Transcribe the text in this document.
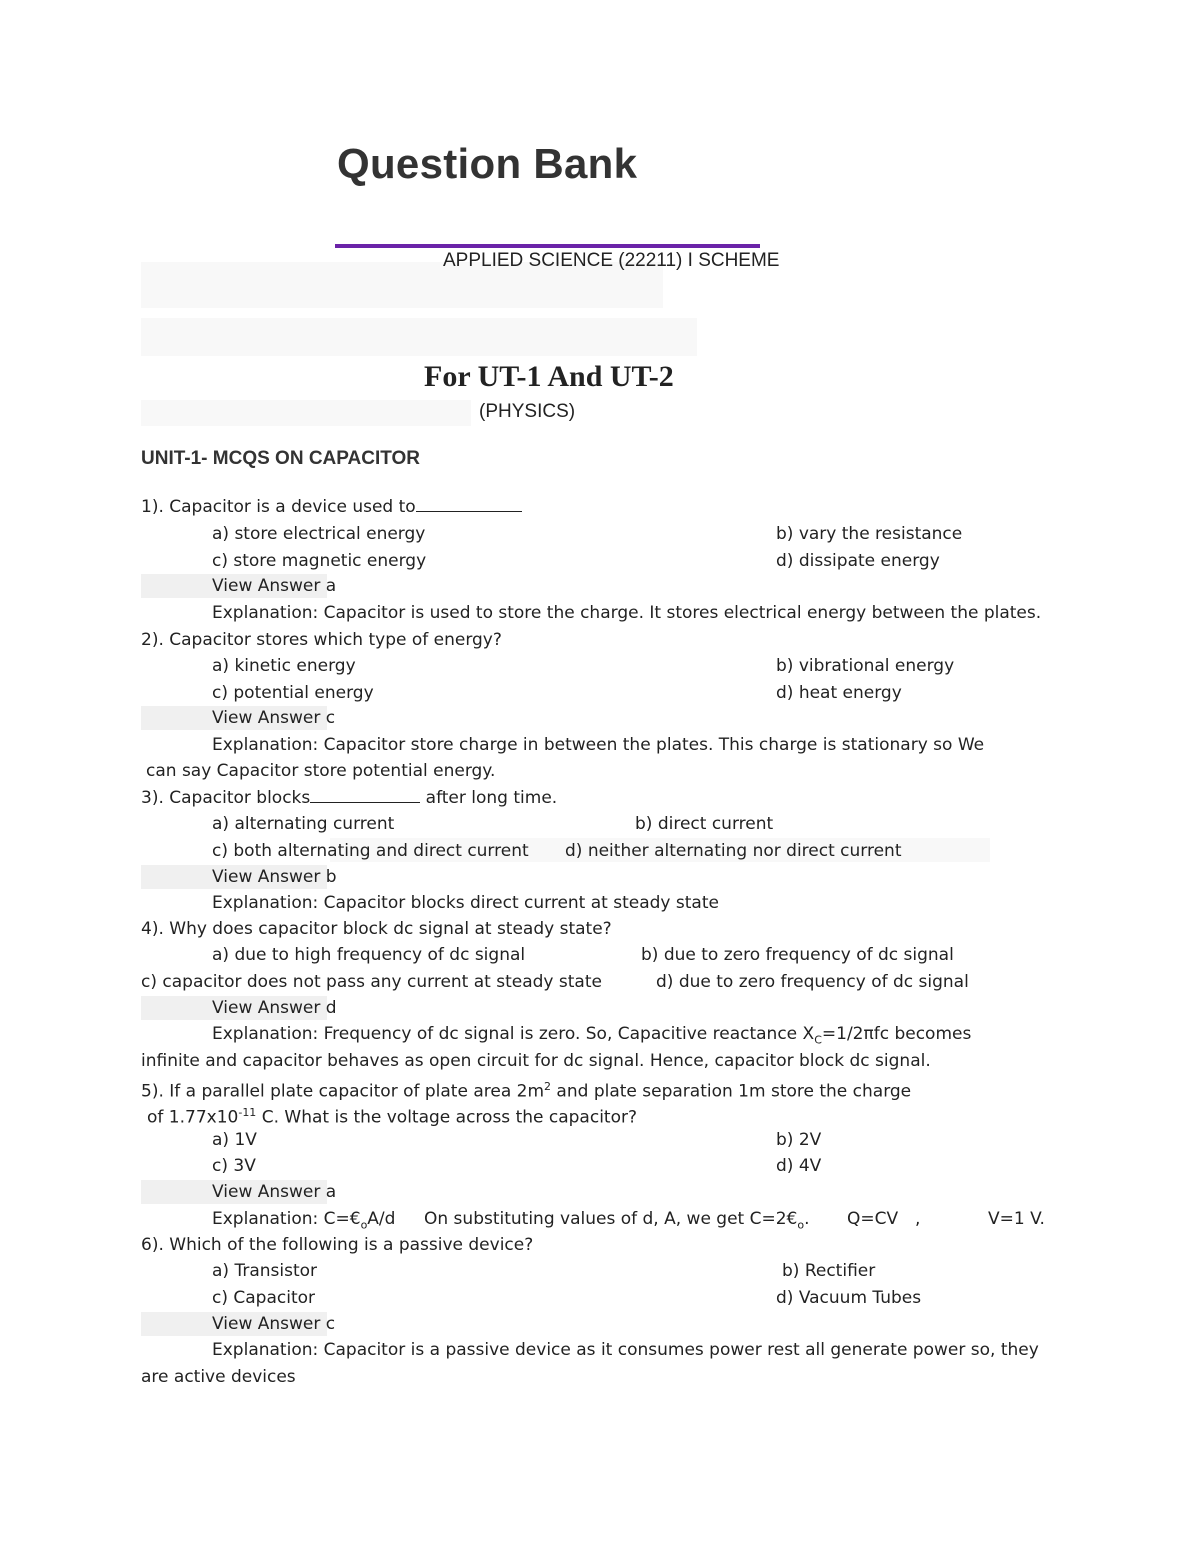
Question Bank
APPLIED SCIENCE (22211) I SCHEME
For UT-1 And UT-2
(PHYSICS)
UNIT-1- MCQS ON CAPACITOR
1). Capacitor is a device used to
a) store electrical energy	b) vary the resistance
c) store magnetic energy	d) dissipate energy
View Answer a
Explanation: Capacitor is used to store the charge. It stores electrical energy between the plates.
2). Capacitor stores which type of energy?
a) kinetic energy	b) vibrational energy
c) potential energy	d) heat energy
View Answer c
Explanation: Capacitor store charge in between the plates. This charge is stationary so We
can say Capacitor store potential energy.
3). Capacitor blocks	after long time.
a) alternating current	b) direct current
c) both alternating and direct current d) neither alternating nor direct current
View Answer b
Explanation: Capacitor blocks direct current at steady state
4). Why does capacitor block dc signal at steady state?
a) due to high frequency of dc signal	b) due to zero frequency of dc signal
c) capacitor does not pass any current at steady state	d) due to zero frequency of dc signal
View Answer d
Explanation: Frequency of dc signal is zero. So, Capacitive reactance $X_C=1/2\pi fc$ becomes
infinite and capacitor behaves as open circuit for dc signal. Hence, capacitor block dc signal.
5). If a parallel plate capacitor of plate area $2m^2$ and plate separation 1m store the charge
of $1.77x10^{-11}$ C. What is the voltage across the capacitor?
a) 1V	b) 2V
c) 3V	d) 4V
View Answer a
Explanation: $C=€_oA/d$ On substituting values of d, A, we get $C=2€_o$. Q=CV ,	V=1 V.
6). Which of the following is a passive device?
a) Transistor	b) Rectifier
c) Capacitor	d) Vacuum Tubes
View Answer c
Explanation: Capacitor is a passive device as it consumes power rest all generate power so, they
are active devices
